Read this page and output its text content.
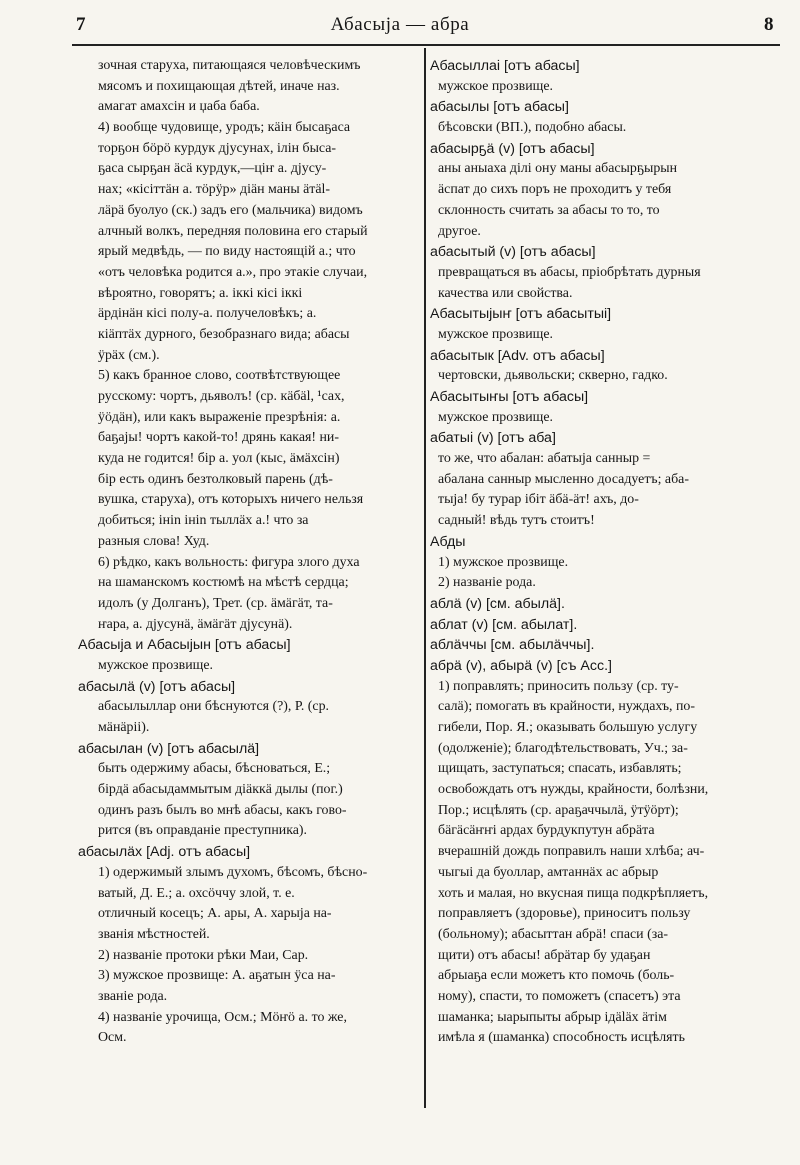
7	Абасыја — абра	8
зочная старуха, питающаяся человѣческимъ
мясомъ и похищающая дѣтей, иначе наз.
амагат амахсін и џаба баба.
4) вообще чудовище, уродъ; кäiн бысаҕаса
торҕон бӧрӧ курдук дјусунах, ілін быса-
ҕаса сырҕан äсä курдук,—ціҥ а. дјусу-
нах; «кісіттäн а. тӧрӱр» діäн маны äтäl-
лäрä буолуо (ск.) задъ его (мальчика) видомъ
алчный волкъ, передняя половина его старый
ярый медвѣдь, — по виду настоящій а.; что
«отъ человѣка родится а.», про этакіе случаи,
вѣроятно, говорятъ; а. іккі кісі іккі
äрдінäн кісі полу-а. получеловѣкъ; а.
кіäптäх дурного, безобразнаго вида; абасы
ӱрäх (см.).
5) какъ бранное слово, соотвѣтствующее
русскому: чортъ, дьяволъ! (ср. кäбäl, ¹сах,
ӱöдäн), или какъ выраженіе презрѣнія: а.
баҕајы! чортъ какой-то! дрянь какая! ни-
куда не годится! бір а. уол (кыс, äмäхсін)
бір есть одинъ безтолковый парень (дѣ-
вушка, старуха), отъ которыхъ ничего нельзя
добиться; ініn ініn тыллäх а.! что за
разныя слова! Худ.
6) рѣдко, какъ вольность: фигура злого духа
на шаманскомъ костюмѣ на мѣстѣ сердца;
идолъ (у Долганъ), Трет. (ср. äмäгäт, та-
ҥара, а. дјусунä, äмäгäт дјусунä).
Абасыја и Абасыјын [отъ абасы]
мужское прозвище.
абасылä (v) [отъ абасы]
абасылыллар они бѣснуются (?), Р. (ср.
мäнäрii).
абасылан (v) [отъ абасылä]
быть одержиму абасы, бѣсноваться, Е.;
бірдä абасыдаммытым діäккä дылы (пог.)
одинъ разъ былъ во мнѣ абасы, какъ гово-
рится (въ оправданіе преступника).
абасылäх [Adj. отъ абасы]
1) одержимый злымъ духомъ, бѣсомъ, бѣсно-
ватый, Д. Е.; а. охсӧччу злой, т. е.
отличный косецъ; А. ары, А. харыја на-
званія мѣстностей.
2) названіе протоки рѣки Маи, Сар.
3) мужское прозвище: А. аҕатын ӱса на-
званіе рода.
4) названіе урочища, Осм.; Мӧҥӧ а. то же,
Осм.
Абасыллаі [отъ абасы]
мужское прозвище.
абасылы [отъ абасы]
бѣсовски (ВП.), подобно абасы.
абасырҕä (v) [отъ абасы]
аны аныаха дiлi ону маны абасырҕырын
äспат до сихъ поръ не проходитъ у тебя
склонность считать за абасы то то, то
другое.
абасытый (v) [отъ абасы]
превращаться въ абасы, пріобрѣтать дурныя
качества или свойства.
Абасытыјыҥ [отъ абасытыi]
мужское прозвище.
абасытык [Adv. отъ абасы]
чертовски, дьявольски; скверно, гадко.
Абасытыҥы [отъ абасы]
мужское прозвище.
абатыі (v) [отъ аба]
то же, что абалан: абатыја санныр =
абалана санныр мысленно досадуетъ; аба-
тыја! бу турар ібіт äбä-äт! ахъ, до-
садный! вѣдь тутъ стоитъ!
Абды
1) мужское прозвище.
2) названіе рода.
аблä (v) [см. абылä].
аблат (v) [см. абылат].
аблäччы [см. абылäччы].
абрä (v), абырä (v) [съ Acc.]
1) поправлять; приносить пользу (ср. ту-
салä); помогать въ крайности, нуждахъ, по-
гибели, Пор. Я.; оказывать большую услугу
(одолженіе); благодѣтельствовать, Уч.; за-
щищать, заступаться; спасать, избавлять;
освобождать отъ нужды, крайности, болѣзни,
Пор.; исцѣлять (ср. араҕаччылä, ӱтӱӧрт);
бäгäсäҥҥі ардах бурдукпутун абрäта
вчерашній дождь поправилъ наши хлѣба; ач-
чыгыі да буоллар, амтаннäх ас абрыр
хоть и малая, но вкусная пища подкрѣпляетъ,
поправляетъ (здоровье), приноситъ пользу
(больному); абасыттан абрä! спаси (за-
щити) отъ абасы! абрäтар бу удаҕан
абрыаҕа если можетъ кто помочь (боль-
ному), спасти, то поможетъ (спасетъ) эта
шаманка; ыарыпыты абрыр ідäläх äтім
имѣла я (шаманка) способность исцѣлять
